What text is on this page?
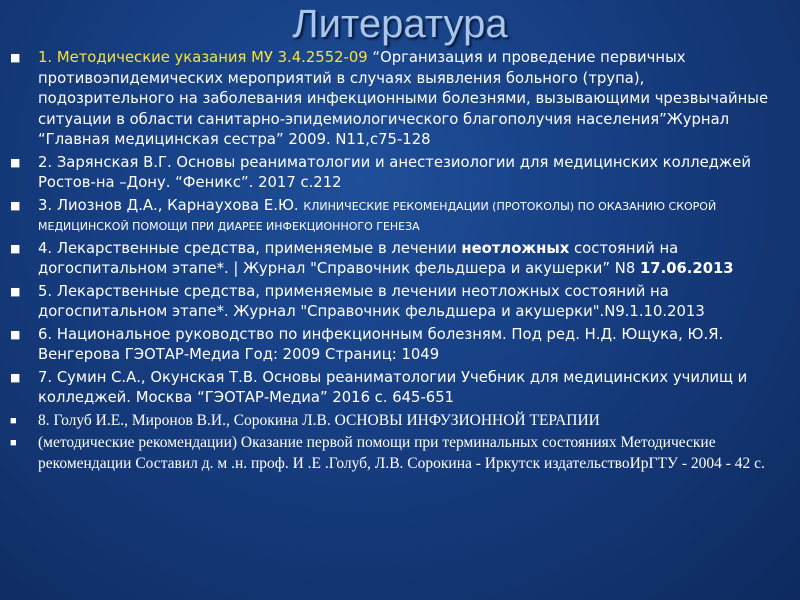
Литература
■ 1. Методические указания МУ 3.4.2552-09 “Организация и проведение первичных противоэпидемических мероприятий в случаях выявления больного (трупа), подозрительного на заболевания инфекционными болезнями, вызывающими чрезвычайные ситуации в области санитарно-эпидемиологического благополучия населения”Журнал “Главная медицинская сестра” 2009. N11,с75-128
■ 2. Зарянская В.Г. Основы реаниматологии и анестезиологии для медицинских колледжей Ростов-на –Дону. “Феникс”. 2017 с.212
■ 3. Лиознов Д.А., Карнаухова Е.Ю. КЛИНИЧЕСКИЕ РЕКОМЕНДАЦИИ (ПРОТОКОЛЫ) ПО ОКАЗАНИЮ СКОРОЙ МЕДИЦИНСКОЙ ПОМОЩИ ПРИ ДИАРЕЕ ИНФЕКЦИОННОГО ГЕНЕЗА
■ 4. Лекарственные средства, применяемые в лечении неотложных состояний на догоспитальном этапе*. | Журнал "Справочник фельдшера и акушерки” N8 17.06.2013
■ 5. Лекарственные средства, применяемые в лечении неотложных состояний на догоспитальном этапе*. Журнал "Справочник фельдшера и акушерки".N9.1.10.2013
■ 6. Национальное руководство по инфекционным болезням. Под ред. Н.Д. Ющука, Ю.Я. Венгерова ГЭОТАР-Медиа Год: 2009 Страниц: 1049
■ 7. Сумин С.А., Окунская Т.В. Основы реаниматологии Учебник для медицинских училищ и колледжей. Москва “ГЭОТАР-Медиа” 2016 с. 645-651
■ 8. Голуб И.Е., Миронов В.И., Сорокина Л.В. ОСНОВЫ ИНФУЗИОННОЙ ТЕРАПИИ
■ (методические рекомендации) Оказание первой помощи при терминальных состояниях Методические рекомендации Составил д. м .н. проф. И .Е .Голуб, Л.В. Сорокина - Иркутск издательствоИрГТУ - 2004 - 42 с.
